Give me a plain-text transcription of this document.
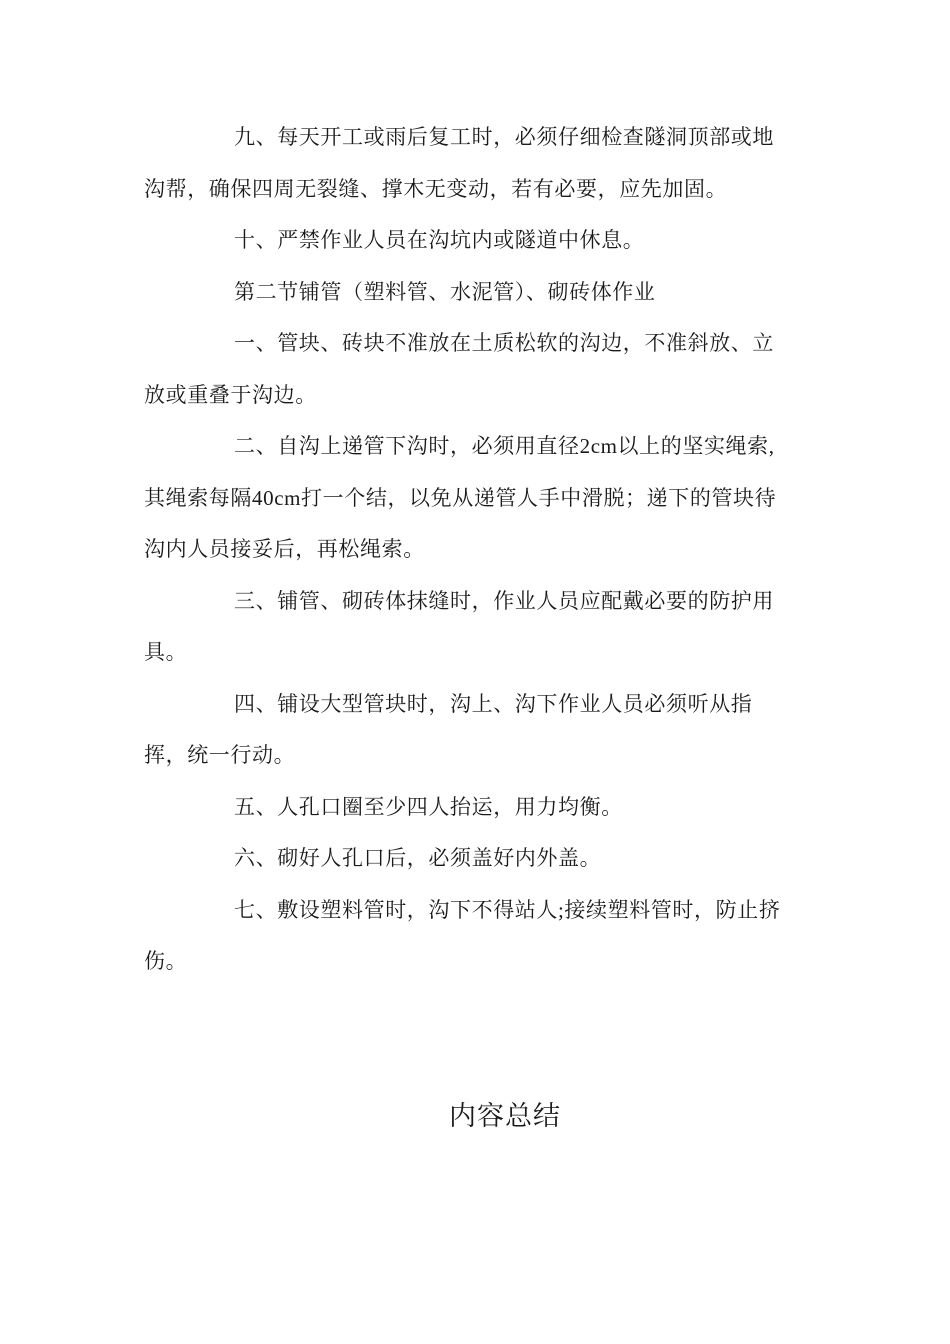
九、每天开工或雨后复工时，必须仔细检查隧洞顶部或地
沟帮，确保四周无裂缝、撑木无变动，若有必要，应先加固。
十、严禁作业人员在沟坑内或隧道中休息。
第二节铺管（塑料管、水泥管）、砌砖体作业
一、管块、砖块不准放在土质松软的沟边，不准斜放、立
放或重叠于沟边。
二、自沟上递管下沟时，必须用直径2cm以上的坚实绳索,
其绳索每隔40cm打一个结，以免从递管人手中滑脱；递下的管块待
沟内人员接妥后，再松绳索。
三、铺管、砌砖体抹缝时，作业人员应配戴必要的防护用
具。
四、铺设大型管块时，沟上、沟下作业人员必须听从指
挥，统一行动。
五、人孔口圈至少四人抬运，用力均衡。
六、砌好人孔口后，必须盖好内外盖。
七、敷设塑料管时，沟下不得站人;接续塑料管时，防止挤
伤。
内容总结
